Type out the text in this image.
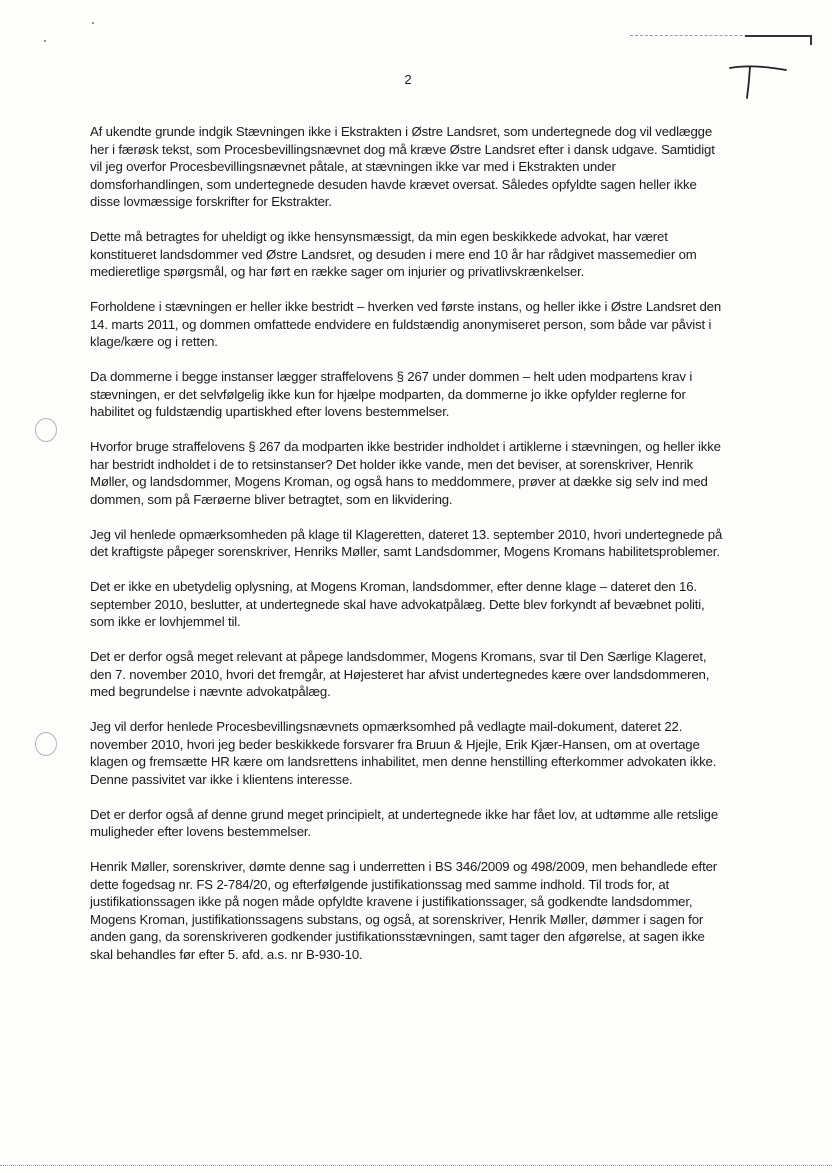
2

Af ukendte grunde indgik Stævningen ikke i Ekstrakten i Østre Landsret, som undertegnede dog vil vedlægge her i færøsk tekst, som Procesbevillingsnævnet dog må kræve Østre Landsret efter i dansk udgave. Samtidigt vil jeg overfor Procesbevillingsnævnet påtale, at stævningen ikke var med i Ekstrakten under domsforhandlingen, som undertegnede desuden havde krævet oversat. Således opfyldte sagen heller ikke disse lovmæssige forskrifter for Ekstrakter.

Dette må betragtes for uheldigt og ikke hensynsmæssigt, da min egen beskikkede advokat, har været konstitueret landsdommer ved Østre Landsret, og desuden i mere end 10 år har rådgivet massemedier om medieretlige spørgsmål, og har ført en række sager om injurier og privatlivskrænkelser.

Forholdene i stævningen er heller ikke bestridt – hverken ved første instans, og heller ikke i Østre Landsret den 14. marts 2011, og dommen omfattede endvidere en fuldstændig anonymiseret person, som både var påvist i klage/kære og i retten.

Da dommerne i begge instanser lægger straffelovens § 267 under dommen – helt uden modpartens krav i stævningen, er det selvfølgelig ikke kun for hjælpe modparten, da dommerne jo ikke opfylder reglerne for habilitet og fuldstændig upartiskhed efter lovens bestemmelser.

Hvorfor bruge straffelovens § 267 da modparten ikke bestrider indholdet i artiklerne i stævningen, og heller ikke har bestridt indholdet i de to retsinstanser? Det holder ikke vande, men det beviser, at sorenskriver, Henrik Møller, og landsdommer, Mogens Kroman, og også hans to meddommere, prøver at dække sig selv ind med dommen, som på Færøerne bliver betragtet, som en likvidering.

Jeg vil henlede opmærksomheden på klage til Klageretten, dateret 13. september 2010, hvori undertegnede på det kraftigste påpeger sorenskriver, Henriks Møller, samt Landsdommer, Mogens Kromans habilitetsproblemer.

Det er ikke en ubetydelig oplysning, at Mogens Kroman, landsdommer, efter denne klage – dateret den 16. september 2010, beslutter, at undertegnede skal have advokatpålæg. Dette blev forkyndt af bevæbnet politi, som ikke er lovhjemmel til.

Det er derfor også meget relevant at påpege landsdommer, Mogens Kromans, svar til Den Særlige Klageret, den 7. november 2010, hvori det fremgår, at Højesteret har afvist undertegnedes kære over landsdommeren, med begrundelse i nævnte advokatpålæg.

Jeg vil derfor henlede Procesbevillingsnævnets opmærksomhed på vedlagte mail-dokument, dateret 22. november 2010, hvori jeg beder beskikkede forsvarer fra Bruun & Hjejle, Erik Kjær-Hansen, om at overtage klagen og fremsætte HR kære om landsrettens inhabilitet, men denne henstilling efterkommer advokaten ikke. Denne passivitet var ikke i klientens interesse.

Det er derfor også af denne grund meget principielt, at undertegnede ikke har fået lov, at udtømme alle retslige muligheder efter lovens bestemmelser.

Henrik Møller, sorenskriver, dømte denne sag i underretten i BS 346/2009 og 498/2009, men behandlede efter dette fogedsag nr. FS 2-784/20, og efterfølgende justifikationssag med samme indhold. Til trods for, at justifikationssagen ikke på nogen måde opfyldte kravene i justifikationssager, så godkendte landsdommer, Mogens Kroman, justifikationssagens substans, og også, at sorenskriver, Henrik Møller, dømmer i sagen for anden gang, da sorenskriveren godkender justifikationsstævningen, samt tager den afgørelse, at sagen ikke skal behandles før efter 5. afd. a.s. nr B-930-10.
